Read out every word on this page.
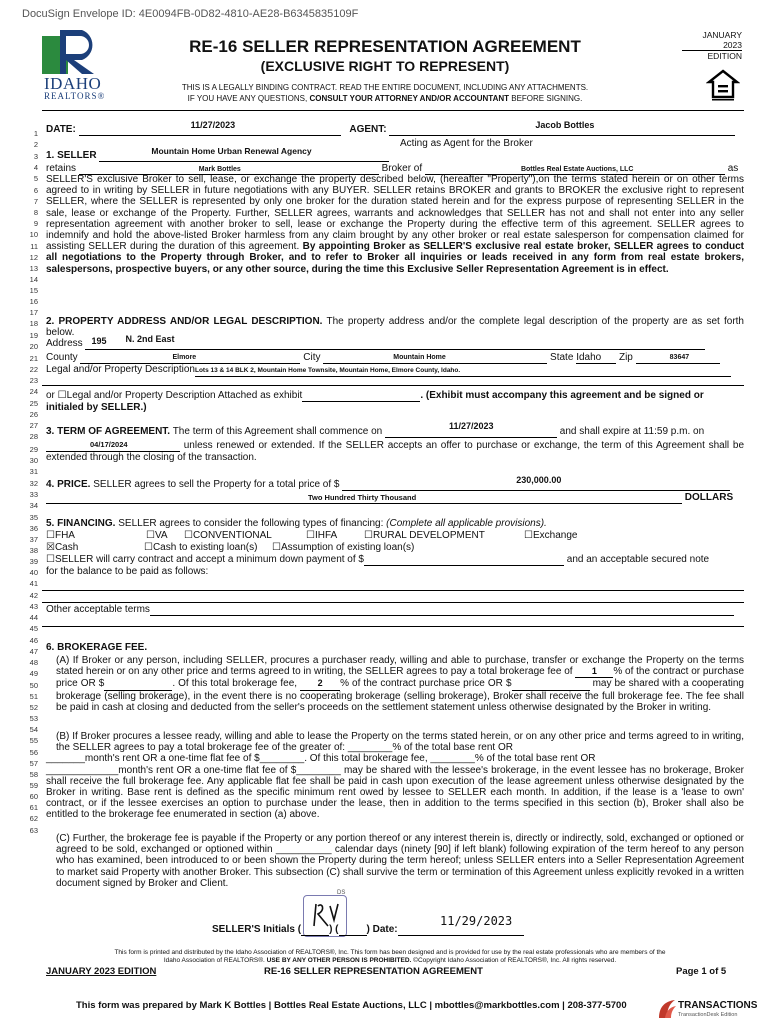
DocuSign Envelope ID: 4E0094FB-0D82-4810-AE28-B6345835109F
IDAHO
REALTORS®
RE-16 SELLER REPRESENTATION AGREEMENT
(EXCLUSIVE RIGHT TO REPRESENT)
JANUARY 2023
EDITION
THIS IS A LEGALLY BINDING CONTRACT. READ THE ENTIRE DOCUMENT, INCLUDING ANY ATTACHMENTS.
IF YOU HAVE ANY QUESTIONS, CONSULT YOUR ATTORNEY AND/OR ACCOUNTANT BEFORE SIGNING.
1
2
3
4
5
6
7
8
9
10
11
12
13
14
15
16
17
18
19
20
21
22
23
24
25
26
27
28
29
30
31
32
33
34
35
36
37
38
39
40
41
42
43
44
45
46
47
48
49
50
51
52
53
54
55
56
57
58
59
60
61
62
63
DATE:	11/27/2023	AGENT:	Jacob Bottles

Acting as Agent for the Broker
1. SELLER	Mountain Home Urban Renewal Agency

retains	Mark Bottles	Broker of	Bottles Real Estate Auctions, LLC	as
SELLER'S exclusive Broker to sell, lease, or exchange the property described below, (hereafter "Property"),on the terms stated herein or on other terms agreed to in writing by SELLER in future negotiations with any BUYER. SELLER retains BROKER and grants to BROKER the exclusive right to represent SELLER, where the SELLER is represented by only one broker for the duration stated herein and for the express purpose of representing SELLER in the sale, lease or exchange of the Property. Further, SELLER agrees, warrants and acknowledges that SELLER has not and shall not enter into any seller representation agreement with another broker to sell, lease or exchange the Property during the effective term of this agreement. SELLER agrees to indemnify and hold the above-listed Broker harmless from any claim brought by any other broker or real estate salesperson for compensation claimed for assisting SELLER during the duration of this agreement. By appointing Broker as SELLER'S exclusive real estate broker, SELLER agrees to conduct all negotiations to the Property through Broker, and to refer to Broker all inquiries or leads received in any form from real estate brokers, salespersons, prospective buyers, or any other source, during the time this Exclusive Seller Representation Agreement is in effect.
2. PROPERTY ADDRESS AND/OR LEGAL DESCRIPTION. The property address and/or the complete legal description of the property are as set forth below.
Address 195 N. 2nd East

County	Elmore	City	Mountain Home	State Idaho Zip	83647

Legal and/or Property DescriptionLots 13 & 14 BLK 2, Mountain Home Townsite, Mountain Home, Elmore County, Idaho.
or ☐Legal and/or Property Description Attached as exhibit	. (Exhibit must accompany this agreement and be signed or initialed by SELLER.)
3. TERM OF AGREEMENT. The term of this Agreement shall commence on	11/27/2023	and shall expire at 11:59 p.m. on
04/17/2024	unless renewed or extended. If the SELLER accepts an offer to purchase or exchange, the term of this Agreement shall be extended through the closing of the transaction.
4. PRICE. SELLER agrees to sell the Property for a total price of $	230,000.00

Two Hundred Thirty Thousand	DOLLARS
5. FINANCING. SELLER agrees to consider the following types of financing: (Complete all applicable provisions).
☐FHA	☐VA ☐CONVENTIONAL	☐IHFA	☐RURAL DEVELOPMENT	☐Exchange
☒Cash	☐Cash to existing loan(s) ☐Assumption of existing loan(s)
☐SELLER will carry contract and accept a minimum down payment of $	and an acceptable secured note
for the balance to be paid as follows:
Other acceptable terms
6. BROKERAGE FEE.
(A) If Broker or any person, including SELLER, procures a purchaser ready, willing and able to purchase, transfer or exchange the Property on the terms stated herein or on any other price and terms agreed to in writing, the SELLER agrees to pay a total brokerage fee of 1 % of the contract or purchase price OR $	. Of this total brokerage fee, 2 % of the contract purchase price OR $	may be shared with a cooperating brokerage (selling brokerage), in the event there is no cooperating brokerage (selling brokerage), Broker shall receive the full brokerage fee. The fee shall be paid in cash at closing and deducted from the seller's proceeds on the settlement statement unless otherwise designated by the Broker in writing.
(B) If Broker procures a lessee ready, willing and able to lease the Property on the terms stated herein, or on any other price and terms agreed to in writing, the SELLER agrees to pay a total brokerage fee of the greater of: ________% of the total base rent OR
_______month's rent OR a one-time flat fee of $________. Of this total brokerage fee, ________% of the total base rent OR
_____________month's rent OR a one-time flat fee of $________ may be shared with the lessee's brokerage, in the event lessee has no brokerage, Broker shall receive the full brokerage fee. Any applicable flat fee shall be paid in cash upon execution of the lease agreement unless otherwise designated by the Broker in writing. Base rent is defined as the specific minimum rent owed by lessee to SELLER each month. In addition, if the lease is a 'lease to own' contract, or if the lessee exercises an option to purchase under the lease, then in addition to the terms specified in this section (b), Broker shall also be entitled to the brokerage fee enumerated in section (a) above.
(C) Further, the brokerage fee is payable if the Property or any portion thereof or any interest therein is, directly or indirectly, sold, exchanged or optioned or agreed to be sold, exchanged or optioned within __________ calendar days (ninety [90] if left blank) following expiration of the term hereof to any person who has examined, been introduced to or been shown the Property during the term hereof; unless SELLER enters into a Seller Representation Agreement to market said Property with another Broker. This subsection (C) shall survive the term or termination of this Agreement unless explicitly revoked in a written document signed by Broker and Client.
DS
SELLER'S Initials (	) (	) Date:
11/29/2023
This form is printed and distributed by the Idaho Association of REALTORS®, Inc. This form has been designed and is provided for use by the real estate professionals who are members of the
Idaho Association of REALTORS®. USE BY ANY OTHER PERSON IS PROHIBITED. ©Copyright Idaho Association of REALTORS®, Inc. All rights reserved.
JANUARY 2023 EDITION	RE-16 SELLER REPRESENTATION AGREEMENT	Page 1 of 5
This form was prepared by Mark K Bottles | Bottles Real Estate Auctions, LLC | mbottles@markbottles.com | 208-377-5700	TRANSACTIONS
TransactionDesk Edition
